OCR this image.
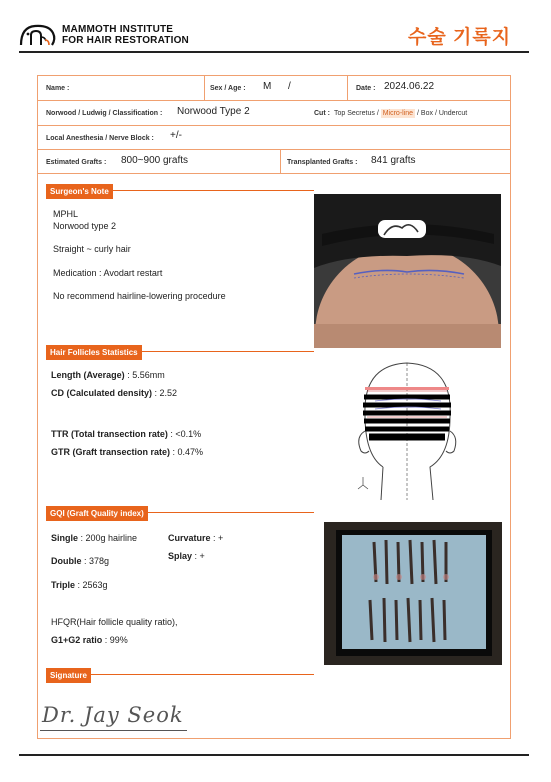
MAMMOTH INSTITUTE
FOR HAIR RESTORATION	수술 기록지
Name :	Sex / Age : M      /	Date : 2024.06.22
Norwood / Ludwig / Classification : Norwood Type 2	Cut : Top Secretus / Micro-line / Box / Undercut
Local Anesthesia / Nerve Block : +/-
Estimated Grafts : 800~900 grafts	Transplanted Grafts : 841 grafts
Surgeon's Note
MPHL
Norwood type 2
Straight ~ curly hair
Medication : Avodart restart
No recommend hairline-lowering procedure
Hair Follicles Statistics
Length (Average) : 5.56mm
CD (Calculated density) : 2.52
TTR (Total transection rate) : <0.1%
GTR (Graft transection rate) : 0.47%
GQI (Graft Quality index)
Single : 200g hairline
Double : 378g
Triple : 2563g
Curvature : +
Splay : +
HFQR(Hair follicle quality ratio),
G1+G2 ratio : 99%
Signature
Dr. Jay Seok
